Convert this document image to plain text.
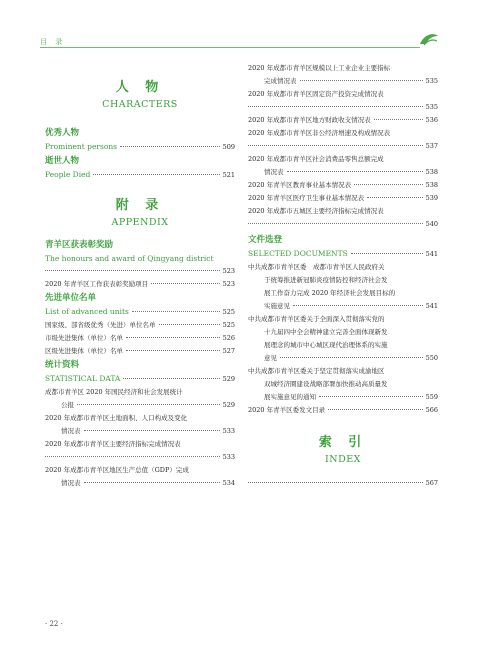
目 录
人 物
CHARACTERS
优秀人物
Prominent persons	509
逝世人物
People Died	521
附 录
APPENDIX
青羊区获表彰奖励
The honours and award of Qingyang district
523
2020 年青羊区工作获表彰奖励项目	523
先进单位名单
List of advanced units	525
国家级、部省级优秀（先进）单位名单	525
市级先进集体（单位）名单	526
区级先进集体（单位）名单	527
统计资料
STATISTICAL DATA	529
成都市青羊区 2020 年国民经济和社会发展统计
公报	529
2020 年成都市青羊区土地面积、人口构成及变化
情况表	533
2020 年成都市青羊区主要经济指标完成情况表
533
2020 年成都市青羊区地区生产总值（GDP）完成
情况表	534
2020 年成都市青羊区规模以上工业企业主要指标
完成情况表	535
2020 年成都市青羊区固定资产投资完成情况表
535
2020 年成都市青羊区地方财政收支情况表	536
2020 年成都市青羊区非公经济增速及构成情况表
537
2020 年成都市青羊区社会消费品零售总额完成
情况表	538
2020 年青羊区教育事业基本情况表	538
2020 年青羊区医疗卫生事业基本情况表	539
2020 年成都市五城区主要经济指标完成情况表
540
文件选登
SELECTED DOCUMENTS	541
中共成都市青羊区委　成都市青羊区人民政府关
于统筹推进新冠肺炎疫情防控和经济社会发
展工作奋力完成 2020 年经济社会发展目标的
实施意见	541
中共成都市青羊区委关于全面深入贯彻落实党的
十九届四中全会精神建立完善全面体现新发
展理念的城市中心城区现代治理体系的实施
意见	550
中共成都市青羊区委关于坚定贯彻落实成渝地区
双城经济圈建设战略部署加快推动高质量发
展实施意见的通知	559
2020 年青羊区委发文目录	566
索 引
INDEX
567
· 22 ·
